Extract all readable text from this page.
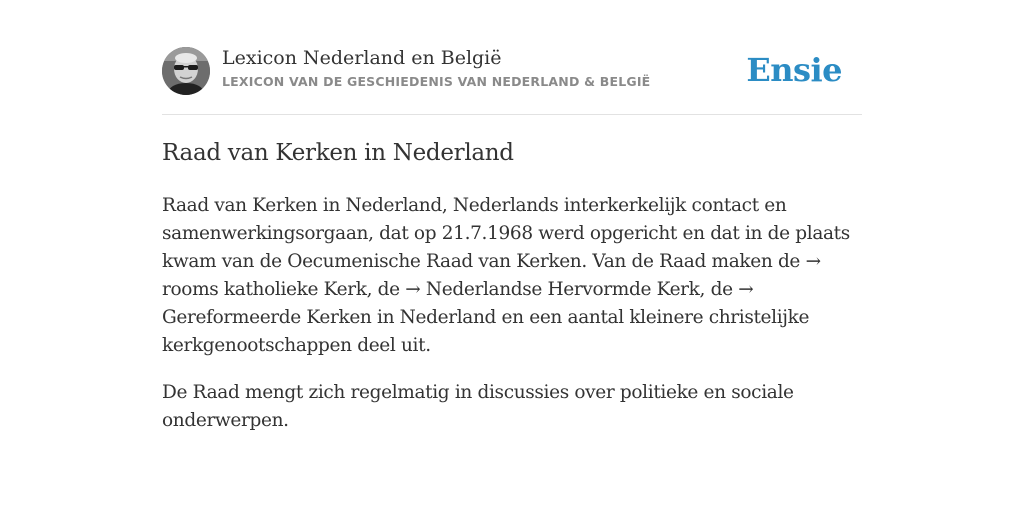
Lexicon Nederland en België
LEXICON VAN DE GESCHIEDENIS VAN NEDERLAND & BELGIË	Ensie
Raad van Kerken in Nederland

Raad van Kerken in Nederland, Nederlands interkerkelijk contact en samenwerkingsorgaan, dat op 21.7.1968 werd opgericht en dat in de plaats kwam van de Oecumenische Raad van Kerken. Van de Raad maken de → rooms katholieke Kerk, de → Nederlandse Hervormde Kerk, de → Gereformeerde Kerken in Nederland en een aantal kleinere christelijke kerkgenootschappen deel uit.

De Raad mengt zich regelmatig in discussies over politieke en sociale onderwerpen.
